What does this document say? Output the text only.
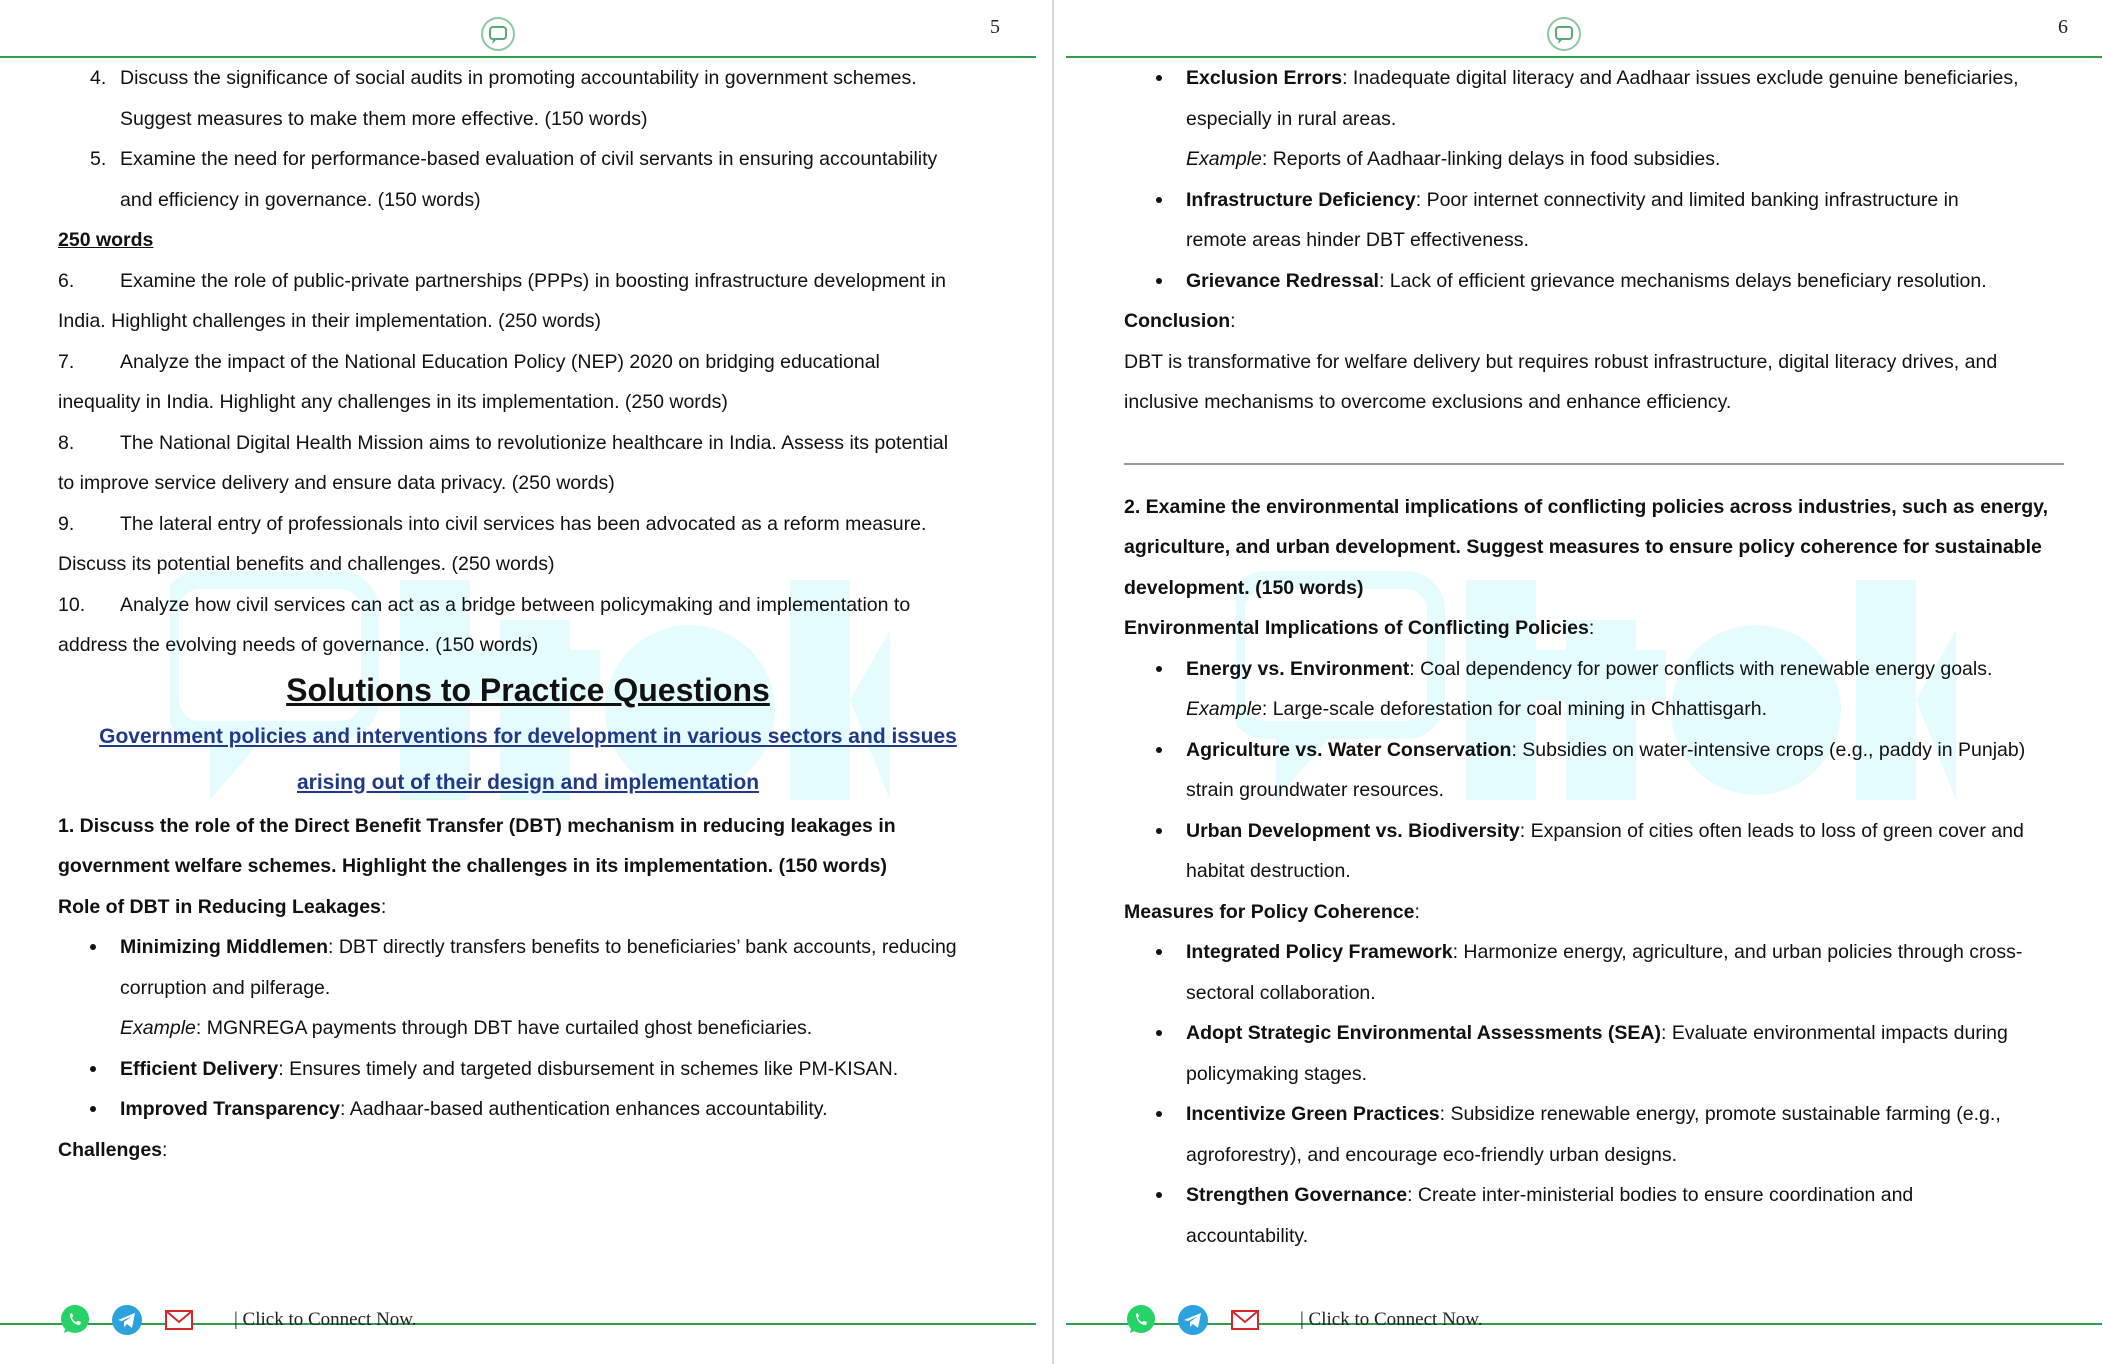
5

4. Discuss the significance of social audits in promoting accountability in government schemes.
Suggest measures to make them more effective. (150 words)

5. Examine the need for performance-based evaluation of civil servants in ensuring accountability
and efficiency in governance. (150 words)

250 words

6. Examine the role of public-private partnerships (PPPs) in boosting infrastructure development in
India. Highlight challenges in their implementation. (250 words)

7. Analyze the impact of the National Education Policy (NEP) 2020 on bridging educational
inequality in India. Highlight any challenges in its implementation. (250 words)

8. The National Digital Health Mission aims to revolutionize healthcare in India. Assess its potential
to improve service delivery and ensure data privacy. (250 words)

9. The lateral entry of professionals into civil services has been advocated as a reform measure.
Discuss its potential benefits and challenges. (250 words)

10. Analyze how civil services can act as a bridge between policymaking and implementation to
address the evolving needs of governance. (150 words)

Solutions to Practice Questions

Government policies and interventions for development in various sectors and issues
arising out of their design and implementation

1. Discuss the role of the Direct Benefit Transfer (DBT) mechanism in reducing leakages in
government welfare schemes. Highlight the challenges in its implementation. (150 words)

Role of DBT in Reducing Leakages:

Minimizing Middlemen: DBT directly transfers benefits to beneficiaries’ bank accounts, reducing
corruption and pilferage.

Example: MGNREGA payments through DBT have curtailed ghost beneficiaries.

Efficient Delivery: Ensures timely and targeted disbursement in schemes like PM-KISAN.

Improved Transparency: Aadhaar-based authentication enhances accountability.

Challenges:

| Click to Connect Now.
6

Exclusion Errors: Inadequate digital literacy and Aadhaar issues exclude genuine beneficiaries,
especially in rural areas.

Example: Reports of Aadhaar-linking delays in food subsidies.

Infrastructure Deficiency: Poor internet connectivity and limited banking infrastructure in
remote areas hinder DBT effectiveness.

Grievance Redressal: Lack of efficient grievance mechanisms delays beneficiary resolution.

Conclusion:

DBT is transformative for welfare delivery but requires robust infrastructure, digital literacy drives, and
inclusive mechanisms to overcome exclusions and enhance efficiency.

2. Examine the environmental implications of conflicting policies across industries, such as energy,
agriculture, and urban development. Suggest measures to ensure policy coherence for sustainable
development. (150 words)

Environmental Implications of Conflicting Policies:

Energy vs. Environment: Coal dependency for power conflicts with renewable energy goals.

Example: Large-scale deforestation for coal mining in Chhattisgarh.

Agriculture vs. Water Conservation: Subsidies on water-intensive crops (e.g., paddy in Punjab)
strain groundwater resources.

Urban Development vs. Biodiversity: Expansion of cities often leads to loss of green cover and
habitat destruction.

Measures for Policy Coherence:

Integrated Policy Framework: Harmonize energy, agriculture, and urban policies through cross-
sectoral collaboration.

Adopt Strategic Environmental Assessments (SEA): Evaluate environmental impacts during
policymaking stages.

Incentivize Green Practices: Subsidize renewable energy, promote sustainable farming (e.g.,
agroforestry), and encourage eco-friendly urban designs.

Strengthen Governance: Create inter-ministerial bodies to ensure coordination and
accountability.

| Click to Connect Now.
